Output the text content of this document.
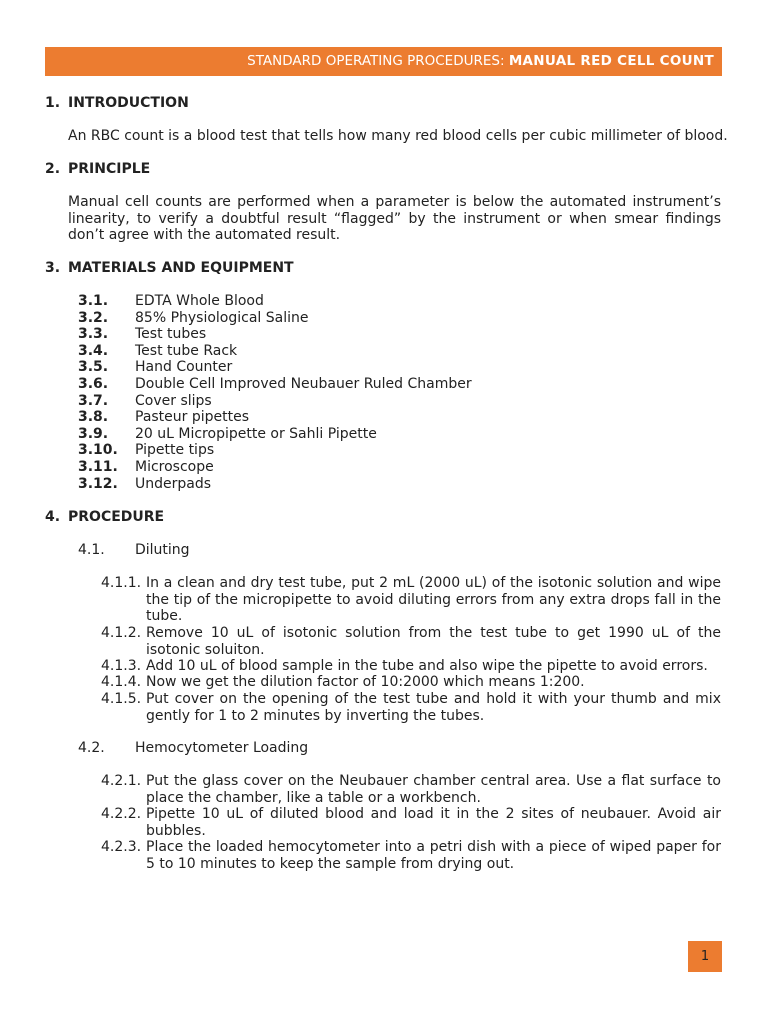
STANDARD OPERATING PROCEDURES: MANUAL RED CELL COUNT
1. INTRODUCTION
An RBC count is a blood test that tells how many red blood cells per cubic millimeter of blood.
2. PRINCIPLE
Manual cell counts are performed when a parameter is below the automated instrument’s linearity, to verify a doubtful result “flagged” by the instrument or when smear findings don’t agree with the automated result.
3. MATERIALS AND EQUIPMENT
3.1. EDTA Whole Blood
3.2. 85% Physiological Saline
3.3. Test tubes
3.4. Test tube Rack
3.5. Hand Counter
3.6. Double Cell Improved Neubauer Ruled Chamber
3.7. Cover slips
3.8. Pasteur pipettes
3.9. 20 uL Micropipette or Sahli Pipette
3.10. Pipette tips
3.11. Microscope
3.12. Underpads
4. PROCEDURE
4.1. Diluting
4.1.1. In a clean and dry test tube, put 2 mL (2000 uL) of the isotonic solution and wipe the tip of the micropipette to avoid diluting errors from any extra drops fall in the tube.
4.1.2. Remove 10 uL of isotonic solution from the test tube to get 1990 uL of the isotonic soluiton.
4.1.3. Add 10 uL of blood sample in the tube and also wipe the pipette to avoid errors.
4.1.4. Now we get the dilution factor of 10:2000 which means 1:200.
4.1.5. Put cover on the opening of the test tube and hold it with your thumb and mix gently for 1 to 2 minutes by inverting the tubes.
4.2. Hemocytometer Loading
4.2.1. Put the glass cover on the Neubauer chamber central area. Use a flat surface to place the chamber, like a table or a workbench.
4.2.2. Pipette 10 uL of diluted blood and load it in the 2 sites of neubauer. Avoid air bubbles.
4.2.3. Place the loaded hemocytometer into a petri dish with a piece of wiped paper for 5 to 10 minutes to keep the sample from drying out.
1
